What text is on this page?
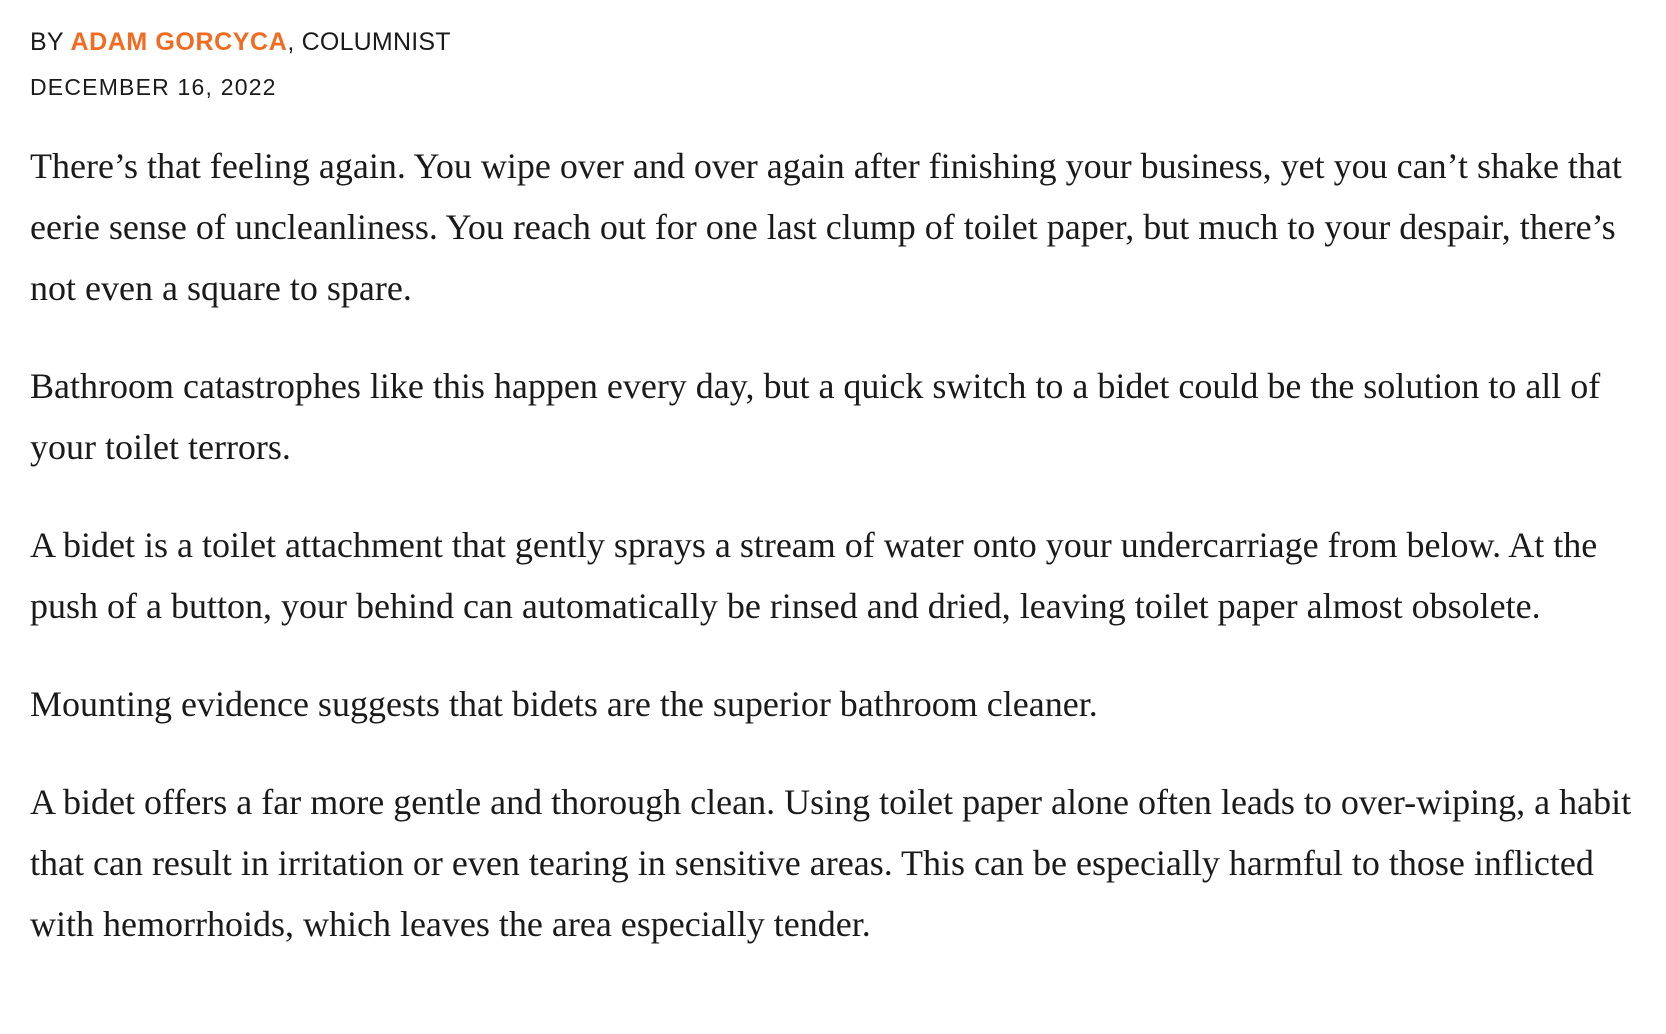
BY ADAM GORCYCA, COLUMNIST
DECEMBER 16, 2022

There’s that feeling again. You wipe over and over again after finishing your business, yet you can’t shake that eerie sense of uncleanliness. You reach out for one last clump of toilet paper, but much to your despair, there’s not even a square to spare.

Bathroom catastrophes like this happen every day, but a quick switch to a bidet could be the solution to all of your toilet terrors.

A bidet is a toilet attachment that gently sprays a stream of water onto your undercarriage from below. At the push of a button, your behind can automatically be rinsed and dried, leaving toilet paper almost obsolete.

Mounting evidence suggests that bidets are the superior bathroom cleaner.

A bidet offers a far more gentle and thorough clean. Using toilet paper alone often leads to over-wiping, a habit that can result in irritation or even tearing in sensitive areas. This can be especially harmful to those inflicted with hemorrhoids, which leaves the area especially tender.
